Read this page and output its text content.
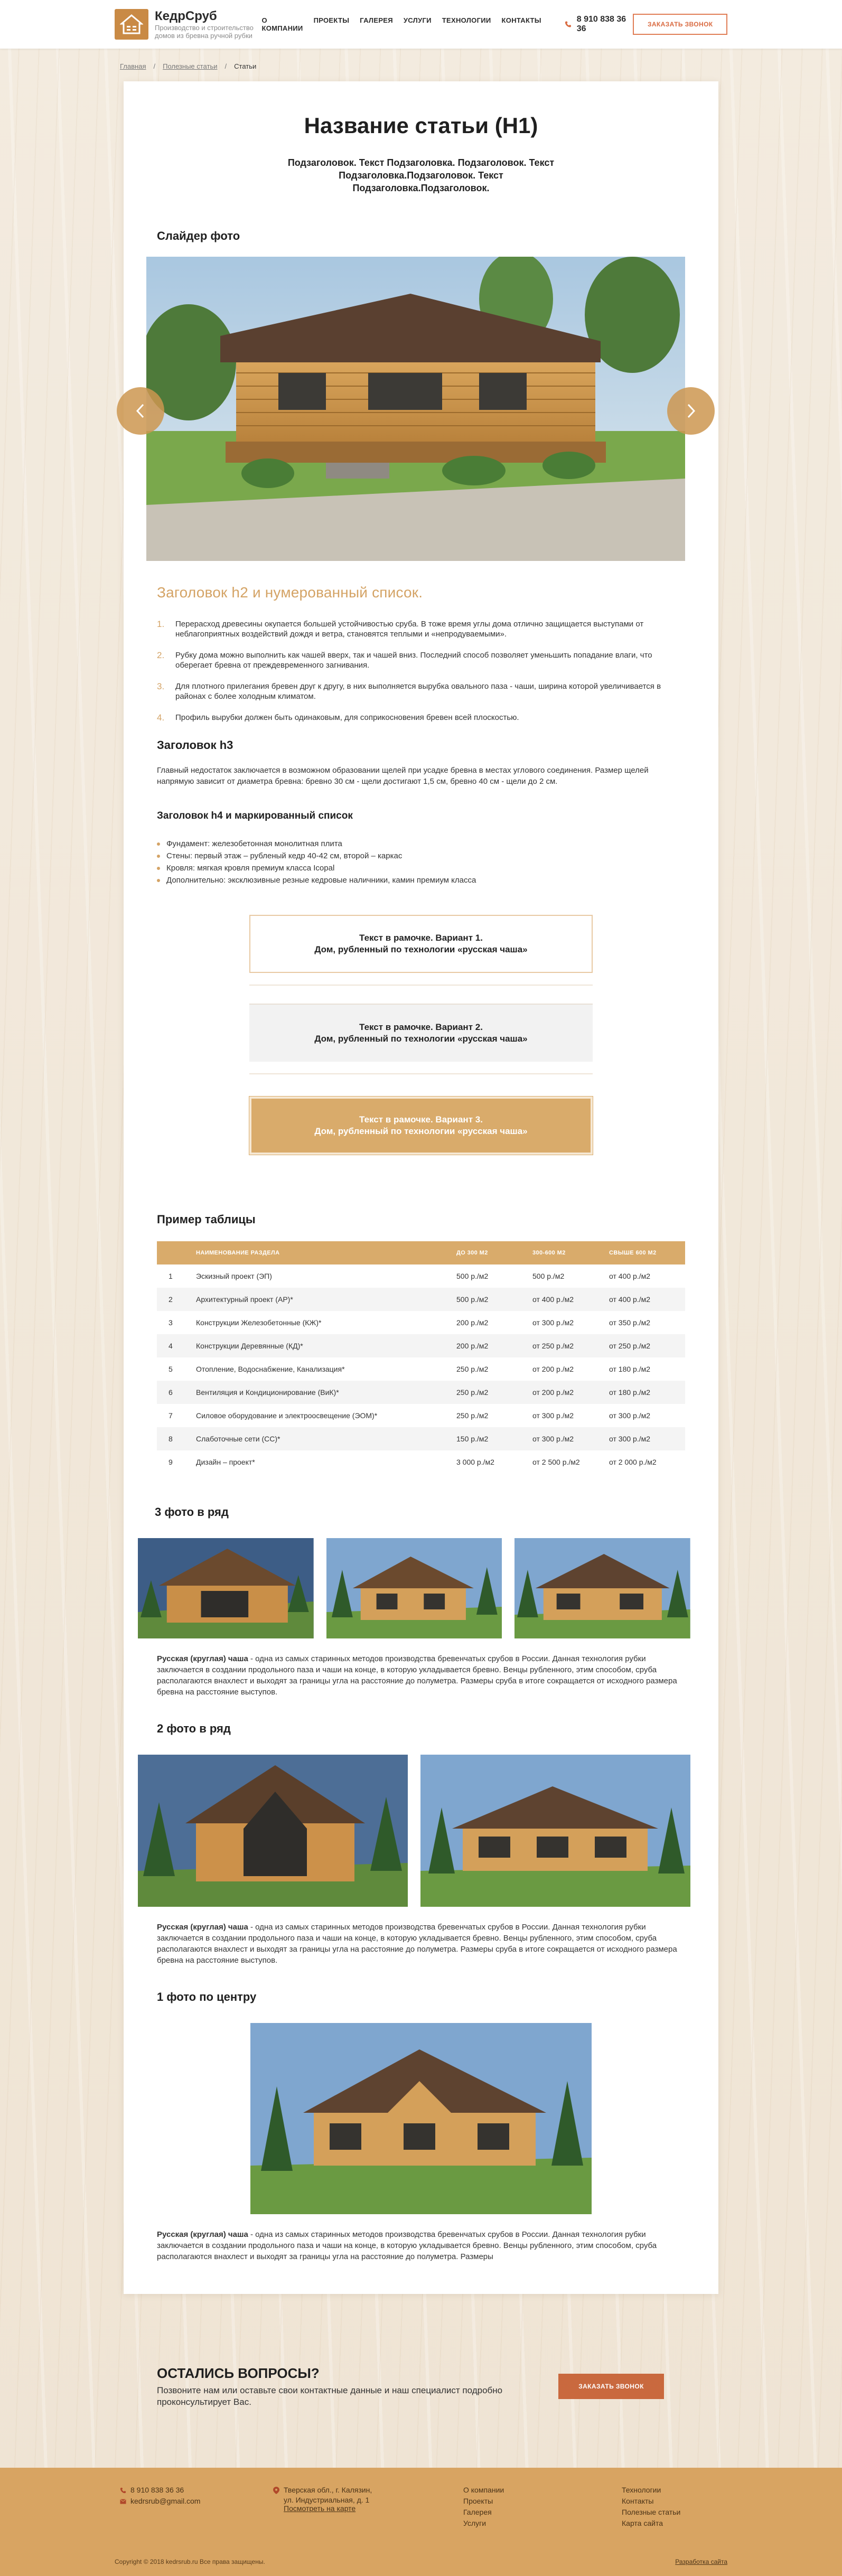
КедрСруб
Производство и строительство домов из бревна ручной рубки
О КОМПАНИИ
ПРОЕКТЫ ГАЛЕРЕЯ УСЛУГИ ТЕХНОЛОГИИ КОНТАКТЫ	8 910 838 36 36	ЗАКАЗАТЬ ЗВОНОК
Главная / Полезные статьи / Статьи
Название статьи (H1)
Подзаголовок. Текст Подзаголовка. Подзаголовок. Текст Подзаголовка.Подзаголовок. Текст Подзаголовка.Подзаголовок.
Слайдер фото
Заголовок h2 и нумерованный список.
1.	Перерасход древесины окупается большей устойчивостью сруба. В тоже время углы дома отлично защищается выступами от неблагоприятных воздействий дождя и ветра, становятся теплыми и «непродуваемыми».
2.	Рубку дома можно выполнить как чашей вверх, так и чашей вниз. Последний способ позволяет уменьшить попадание влаги, что оберегает бревна от преждевременного загнивания.
3.	Для плотного прилегания бревен друг к другу, в них выполняется вырубка овального паза - чаши, ширина которой увеличивается в районах с более холодным климатом.
4.	Профиль вырубки должен быть одинаковым, для соприкосновения бревен всей плоскостью.
Заголовок h3

Главный недостаток заключается в возможном образовании щелей при усадке бревна в местах углового соединения. Размер щелей напрямую зависит от диаметра бревна: бревно 30 см - щели достигают 1,5 см, бревно 40 см - щели до 2 см.

Заголовок h4 и маркированный список
Фундамент: железобетонная монолитная плита
Стены: первый этаж – рубленый кедр 40-42 см, второй – каркас
Кровля: мягкая кровля премиум класса Icopal
Дополнительно: эксклюзивные резные кедровые наличники, камин премиум класса
Текст в рамочке. Вариант 1.
Дом, рубленный по технологии «русская чаша»
Текст в рамочке. Вариант 2.
Дом, рубленный по технологии «русская чаша»
Текст в рамочке. Вариант 3.
Дом, рубленный по технологии «русская чаша»
Пример таблицы
	НАИМЕНОВАНИЕ РАЗДЕЛА	ДО 300 М2	300-600 М2	СВЫШЕ 600 М2
1	Эскизный проект (ЭП)	500 р./м2	500 р./м2	от 400 р./м2
2	Архитектурный проект (АР)*	500 р./м2	от 400 р./м2	от 400 р./м2
3	Конструкции Железобетонные (КЖ)*	200 р./м2	от 300 р./м2	от 350 р./м2
4	Конструкции Деревянные (КД)*	200 р./м2	от 250 р./м2	от 250 р./м2
5	Отопление, Водоснабжение, Канализация*	250 р./м2	от 200 р./м2	от 180 р./м2
6	Вентиляция и Кондиционирование (ВиК)*	250 р./м2	от 200 р./м2	от 180 р./м2
7	Силовое оборудование и электроосвещение (ЭОМ)*	250 р./м2	от 300 р./м2	от 300 р./м2
8	Слаботочные сети (СС)*	150 р./м2	от 300 р./м2	от 300 р./м2
9	Дизайн – проект*	3 000 р./м2	от 2 500 р./м2	от 2 000 р./м2
3 фото в ряд

Русская (круглая) чаша - одна из самых старинных методов производства бревенчатых срубов в России. Данная технология рубки заключается в создании продольного паза и чаши на конце, в которую укладывается бревно. Венцы рубленного, этим способом, сруба располагаются внахлест и выходят за границы угла на расстояние до полуметра. Размеры сруба в итоге сокращается от исходного размера бревна на расстояние выступов.

2 фото в ряд

Русская (круглая) чаша - одна из самых старинных методов производства бревенчатых срубов в России. Данная технология рубки заключается в создании продольного паза и чаши на конце, в которую укладывается бревно. Венцы рубленного, этим способом, сруба располагаются внахлест и выходят за границы угла на расстояние до полуметра. Размеры сруба в итоге сокращается от исходного размера бревна на расстояние выступов.

1 фото по центру

Русская (круглая) чаша - одна из самых старинных методов производства бревенчатых срубов в России. Данная технология рубки заключается в создании продольного паза и чаши на конце, в которую укладывается бревно. Венцы рубленного, этим способом, сруба располагаются внахлест и выходят за границы угла на расстояние до полуметра. Размеры

ОСТАЛИСЬ ВОПРОСЫ?
Позвоните нам или оставьте свои контактные данные и наш специалист подробно проконсультирует Вас.
ЗАКАЗАТЬ ЗВОНОК
8 910 838 36 36
kedrsrub@gmail.com
Тверская обл., г. Калязин,
ул. Индустриальная, д. 1
Посмотреть на карте
О компании
Проекты
Галерея
Услуги
Технологии
Контакты
Полезные статьи
Карта сайта
Copyright © 2018 kedrsrub.ru Все права защищены.	Разработка сайта
